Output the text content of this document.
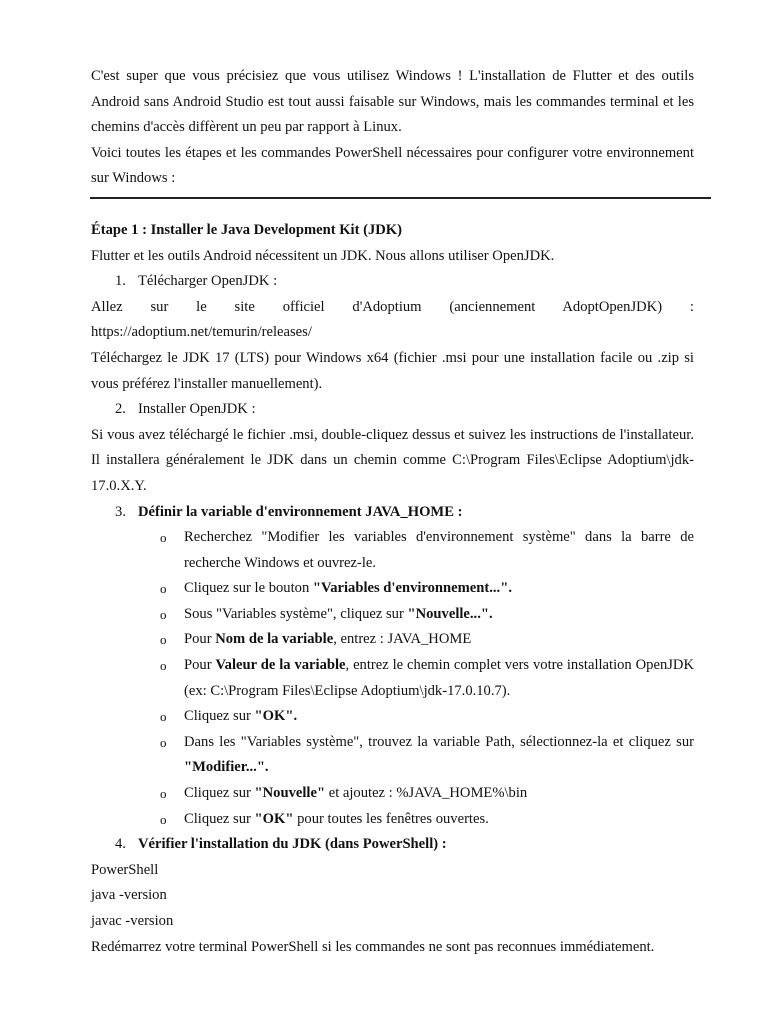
C'est super que vous précisiez que vous utilisez Windows ! L'installation de Flutter et des outils Android sans Android Studio est tout aussi faisable sur Windows, mais les commandes terminal et les chemins d'accès diffèrent un peu par rapport à Linux.

Voici toutes les étapes et les commandes PowerShell nécessaires pour configurer votre environnement sur Windows :

Étape 1 : Installer le Java Development Kit (JDK)

Flutter et les outils Android nécessitent un JDK. Nous allons utiliser OpenJDK.

1. Télécharger OpenJDK :

Allez sur le site officiel d'Adoptium (anciennement AdoptOpenJDK) :

https://adoptium.net/temurin/releases/

Téléchargez le JDK 17 (LTS) pour Windows x64 (fichier .msi pour une installation facile ou .zip si vous préférez l'installer manuellement).

2. Installer OpenJDK :

Si vous avez téléchargé le fichier .msi, double-cliquez dessus et suivez les instructions de l'installateur. Il installera généralement le JDK dans un chemin comme C:\Program Files\Eclipse Adoptium\jdk-17.0.X.Y.

3. Définir la variable d'environnement JAVA_HOME :
o Recherchez "Modifier les variables d'environnement système" dans la barre de recherche Windows et ouvrez-le.
o Cliquez sur le bouton "Variables d'environnement...".
o Sous "Variables système", cliquez sur "Nouvelle...".
o Pour Nom de la variable, entrez : JAVA_HOME
o Pour Valeur de la variable, entrez le chemin complet vers votre installation OpenJDK (ex: C:\Program Files\Eclipse Adoptium\jdk-17.0.10.7).
o Cliquez sur "OK".
o Dans les "Variables système", trouvez la variable Path, sélectionnez-la et cliquez sur "Modifier...".
o Cliquez sur "Nouvelle" et ajoutez : %JAVA_HOME%\bin
o Cliquez sur "OK" pour toutes les fenêtres ouvertes.
4. Vérifier l'installation du JDK (dans PowerShell) :

PowerShell

java -version

javac -version

Redémarrez votre terminal PowerShell si les commandes ne sont pas reconnues immédiatement.
